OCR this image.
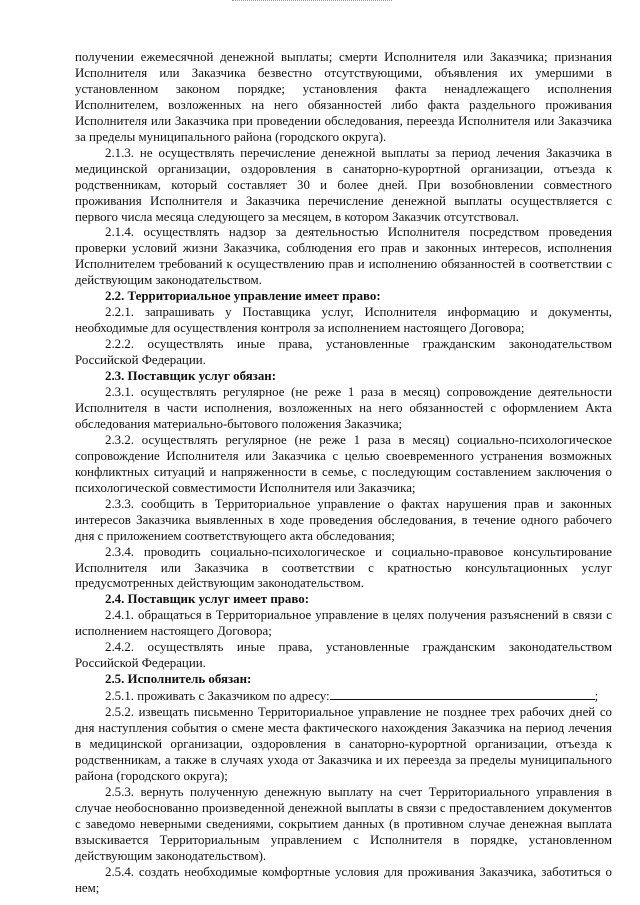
получении ежемесячной денежной выплаты; смерти Исполнителя или Заказчика; признания Исполнителя или Заказчика безвестно отсутствующими, объявления их умершими в установленном законом порядке; установления факта ненадлежащего исполнения Исполнителем, возложенных на него обязанностей либо факта раздельного проживания Исполнителя или Заказчика при проведении обследования, переезда Исполнителя или Заказчика за пределы муниципального района (городского округа).

2.1.3. не осуществлять перечисление денежной выплаты за период лечения Заказчика в медицинской организации, оздоровления в санаторно-курортной организации, отъезда к родственникам, который составляет 30 и более дней. При возобновлении совместного проживания Исполнителя и Заказчика перечисление денежной выплаты осуществляется с первого числа месяца следующего за месяцем, в котором Заказчик отсутствовал.

2.1.4. осуществлять надзор за деятельностью Исполнителя посредством проведения проверки условий жизни Заказчика, соблюдения его прав и законных интересов, исполнения Исполнителем требований к осуществлению прав и исполнению обязанностей в соответствии с действующим законодательством.

2.2. Территориальное управление имеет право:

2.2.1. запрашивать у Поставщика услуг, Исполнителя информацию и документы, необходимые для осуществления контроля за исполнением настоящего Договора;

2.2.2. осуществлять иные права, установленные гражданским законодательством Российской Федерации.

2.3. Поставщик услуг обязан:

2.3.1. осуществлять регулярное (не реже 1 раза в месяц) сопровождение деятельности Исполнителя в части исполнения, возложенных на него обязанностей с оформлением Акта обследования материально-бытового положения Заказчика;

2.3.2. осуществлять регулярное (не реже 1 раза в месяц) социально-психологическое сопровождение Исполнителя или Заказчика с целью своевременного устранения возможных конфликтных ситуаций и напряженности в семье, с последующим составлением заключения о психологической совместимости Исполнителя или Заказчика;

2.3.3. сообщить в Территориальное управление о фактах нарушения прав и законных интересов Заказчика выявленных в ходе проведения обследования, в течение одного рабочего дня с приложением соответствующего акта обследования;

2.3.4. проводить социально-психологическое и социально-правовое консультирование Исполнителя или Заказчика в соответствии с кратностью консультационных услуг предусмотренных действующим законодательством.

2.4. Поставщик услуг имеет право:

2.4.1. обращаться в Территориальное управление в целях получения разъяснений в связи с исполнением настоящего Договора;

2.4.2. осуществлять иные права, установленные гражданским законодательством Российской Федерации.

2.5. Исполнитель обязан:

2.5.1. проживать с Заказчиком по адресу:	;

2.5.2. извещать письменно Территориальное управление не позднее трех рабочих дней со дня наступления события о смене места фактического нахождения Заказчика на период лечения в медицинской организации, оздоровления в санаторно-курортной организации, отъезда к родственникам, а также в случаях ухода от Заказчика и их переезда за пределы муниципального района (городского округа);

2.5.3. вернуть полученную денежную выплату на счет Территориального управления в случае необоснованно произведенной денежной выплаты в связи с предоставлением документов с заведомо неверными сведениями, сокрытием данных (в противном случае денежная выплата взыскивается Территориальным управлением с Исполнителя в порядке, установленном действующим законодательством).

2.5.4. создать необходимые комфортные условия для проживания Заказчика, заботиться о нем;
